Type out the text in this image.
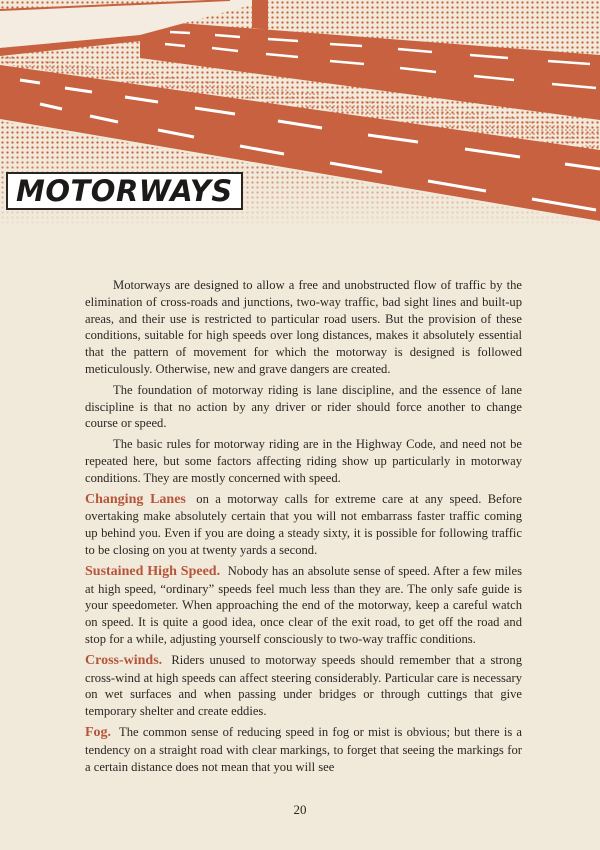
MOTORWAYS

Motorways are designed to allow a free and unobstructed flow of traffic by the elimination of cross-roads and junctions, two-way traffic, bad sight lines and built-up areas, and their use is restricted to particular road users. But the provision of these conditions, suitable for high speeds over long distances, makes it absolutely essential that the pattern of movement for which the motorway is designed is followed meticulously. Otherwise, new and grave dangers are created.

The foundation of motorway riding is lane discipline, and the essence of lane discipline is that no action by any driver or rider should force another to change course or speed.

The basic rules for motorway riding are in the Highway Code, and need not be repeated here, but some factors affecting riding show up particularly in motorway conditions. They are mostly concerned with speed.

Changing Lanes on a motorway calls for extreme care at any speed. Before overtaking make absolutely certain that you will not embarrass faster traffic coming up behind you. Even if you are doing a steady sixty, it is possible for following traffic to be closing on you at twenty yards a second.

Sustained High Speed. Nobody has an absolute sense of speed. After a few miles at high speed, “ordinary” speeds feel much less than they are. The only safe guide is your speedometer. When approaching the end of the motorway, keep a careful watch on speed. It is quite a good idea, once clear of the exit road, to get off the road and stop for a while, adjusting yourself consciously to two-way traffic conditions.

Cross-winds. Riders unused to motorway speeds should remember that a strong cross-wind at high speeds can affect steering considerably. Particular care is necessary on wet surfaces and when passing under bridges or through cuttings that give temporary shelter and create eddies.

Fog. The common sense of reducing speed in fog or mist is obvious; but there is a tendency on a straight road with clear markings, to forget that seeing the markings for a certain distance does not mean that you will see

20
